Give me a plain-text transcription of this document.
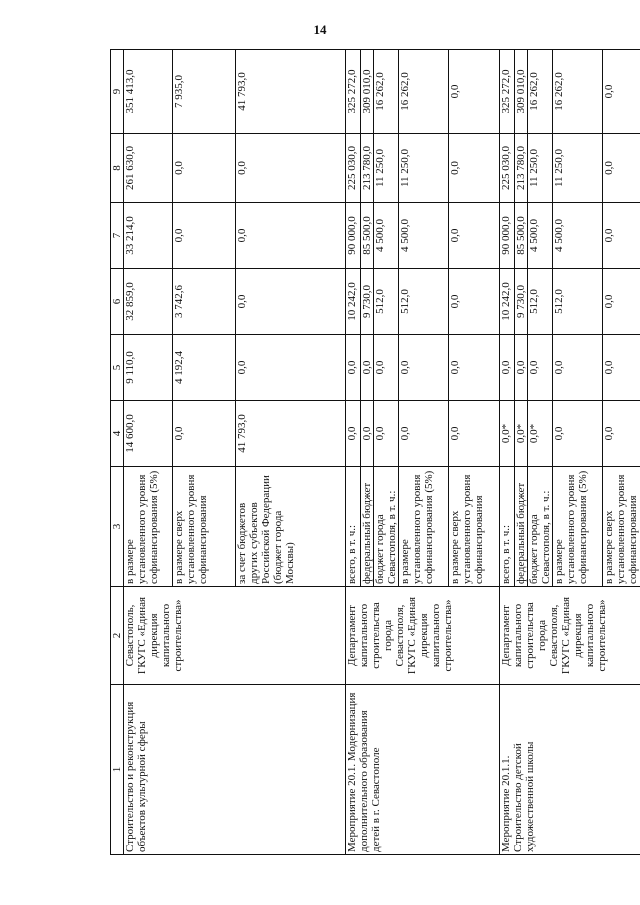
14
1	2	3	4	5	6	7	8	9
Строительство и реконструкция объектов культурной сферы	Севастополь, ГКУГС «Единая дирекция капитального строительства»	в размере установленного уровня софинансирования (5%)	14 600,0	9 110,0	32 859,0	33 214,0	261 630,0	351 413,0
		в размере сверх установленного уровня софинансирования	0,0	4 192,4	3 742,6	0,0	0,0	7 935,0
		за счет бюджетов других субъектов Российской Федерации (бюджет города Москвы)	41 793,0	0,0	0,0	0,0	0,0	41 793,0
Мероприятие 20.1. Модернизация дополнительного образования детей в г. Севастополе	Департамент капитального строительства города Севастополя, ГКУГС «Единая дирекция капитального строительства»	всего, в т. ч.:	0,0	0,0	10 242,0	90 000,0	225 030,0	325 272,0
		федеральный бюджет	0,0	0,0	9 730,0	85 500,0	213 780,0	309 010,0
		бюджет города Севастополя, в т. ч.:	0,0	0,0	512,0	4 500,0	11 250,0	16 262,0
		в размере установленного уровня софинансирования (5%)	0,0	0,0	512,0	4 500,0	11 250,0	16 262,0
		в размере сверх установленного уровня софинансирования	0,0	0,0	0,0	0,0	0,0	0,0
Мероприятие 20.1.1. Строительство детской художественной школы	Департамент капитального строительства города Севастополя, ГКУГС «Единая дирекция капитального строительства»	всего, в т. ч.:	0,0*	0,0	10 242,0	90 000,0	225 030,0	325 272,0
		федеральный бюджет	0,0*	0,0	9 730,0	85 500,0	213 780,0	309 010,0
		бюджет города Севастополя, в т. ч.:	0,0*	0,0	512,0	4 500,0	11 250,0	16 262,0
		в размере установленного уровня софинансирования (5%)	0,0	0,0	512,0	4 500,0	11 250,0	16 262,0
		в размере сверх установленного уровня софинансирования	0,0	0,0	0,0	0,0	0,0	0,0
